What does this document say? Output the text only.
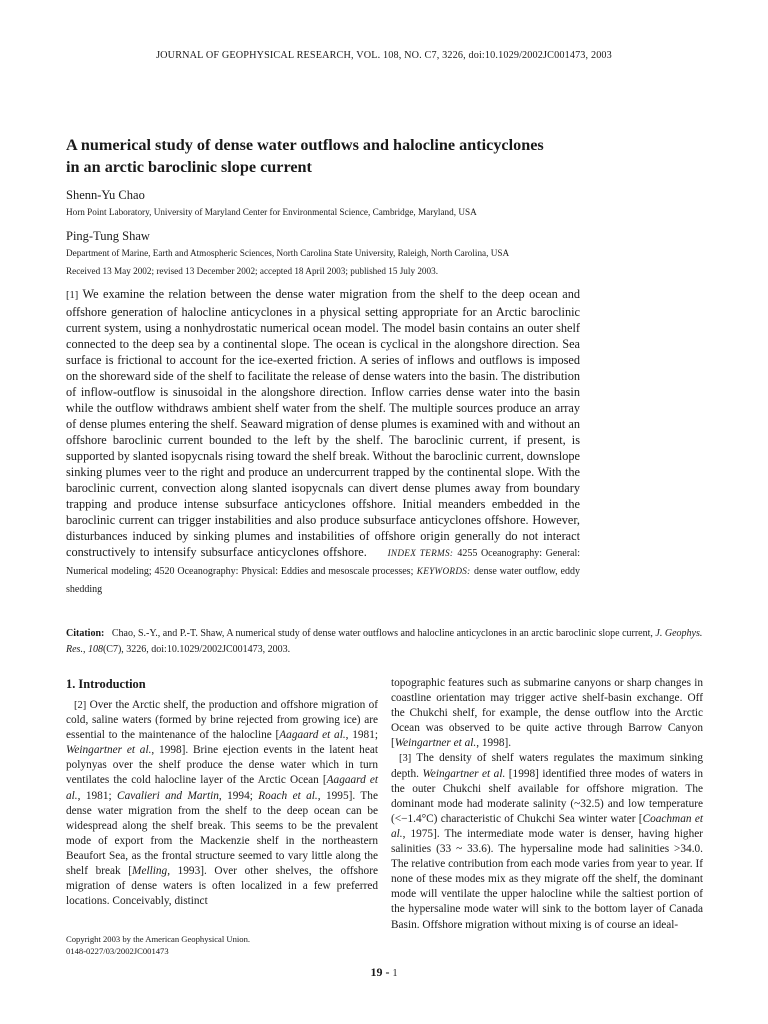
JOURNAL OF GEOPHYSICAL RESEARCH, VOL. 108, NO. C7, 3226, doi:10.1029/2002JC001473, 2003
A numerical study of dense water outflows and halocline anticyclones
in an arctic baroclinic slope current
Shenn-Yu Chao
Horn Point Laboratory, University of Maryland Center for Environmental Science, Cambridge, Maryland, USA
Ping-Tung Shaw
Department of Marine, Earth and Atmospheric Sciences, North Carolina State University, Raleigh, North Carolina, USA
Received 13 May 2002; revised 13 December 2002; accepted 18 April 2003; published 15 July 2003.

[1] We examine the relation between the dense water migration from the shelf to the deep ocean and offshore generation of halocline anticyclones in a physical setting appropriate for an Arctic baroclinic current system, using a nonhydrostatic numerical ocean model. The model basin contains an outer shelf connected to the deep sea by a continental slope. The ocean is cyclical in the alongshore direction. Sea surface is frictional to account for the ice-exerted friction. A series of inflows and outflows is imposed on the shoreward side of the shelf to facilitate the release of dense waters into the basin. The distribution of inflow-outflow is sinusoidal in the alongshore direction. Inflow carries dense water into the basin while the outflow withdraws ambient shelf water from the shelf. The multiple sources produce an array of dense plumes entering the shelf. Seaward migration of dense plumes is examined with and without an offshore baroclinic current bounded to the left by the shelf. The baroclinic current, if present, is supported by slanted isopycnals rising toward the shelf break. Without the baroclinic current, downslope sinking plumes veer to the right and produce an undercurrent trapped by the continental slope. With the baroclinic current, convection along slanted isopycnals can divert dense plumes away from boundary trapping and produce intense subsurface anticyclones offshore. Initial meanders embedded in the baroclinic current can trigger instabilities and also produce subsurface anticyclones offshore. However, disturbances induced by sinking plumes and instabilities of offshore origin generally do not interact constructively to intensify subsurface anticyclones offshore. INDEX TERMS: 4255 Oceanography: General: Numerical modeling; 4520 Oceanography: Physical: Eddies and mesoscale processes; KEYWORDS: dense water outflow, eddy shedding

Citation: Chao, S.-Y., and P.-T. Shaw, A numerical study of dense water outflows and halocline anticyclones in an arctic baroclinic slope current, J. Geophys. Res., 108(C7), 3226, doi:10.1029/2002JC001473, 2003.

1. Introduction

[2] Over the Arctic shelf, the production and offshore migration of cold, saline waters (formed by brine rejected from growing ice) are essential to the maintenance of the halocline [Aagaard et al., 1981; Weingartner et al., 1998]. Brine ejection events in the latent heat polynyas over the shelf produce the dense water which in turn ventilates the cold halocline layer of the Arctic Ocean [Aagaard et al., 1981; Cavalieri and Martin, 1994; Roach et al., 1995]. The dense water migration from the shelf to the deep ocean can be widespread along the shelf break. This seems to be the prevalent mode of export from the Mackenzie shelf in the northeastern Beaufort Sea, as the frontal structure seemed to vary little along the shelf break [Melling, 1993]. Over other shelves, the offshore migration of dense waters is often localized in a few preferred locations. Conceivably, distinct

topographic features such as submarine canyons or sharp changes in coastline orientation may trigger active shelf-basin exchange. Off the Chukchi shelf, for example, the dense outflow into the Arctic Ocean was observed to be quite active through Barrow Canyon [Weingartner et al., 1998].

[3] The density of shelf waters regulates the maximum sinking depth. Weingartner et al. [1998] identified three modes of waters in the outer Chukchi shelf available for offshore migration. The dominant mode had moderate salinity (~32.5) and low temperature (<−1.4°C) characteristic of Chukchi Sea winter water [Coachman et al., 1975]. The intermediate mode water is denser, having higher salinities (33 ~ 33.6). The hypersaline mode had salinities >34.0. The relative contribution from each mode varies from year to year. If none of these modes mix as they migrate off the shelf, the dominant mode will ventilate the upper halocline while the saltiest portion of the hypersaline mode water will sink to the bottom layer of Canada Basin. Offshore migration without mixing is of course an ideal-

Copyright 2003 by the American Geophysical Union.
0148-0227/03/2002JC001473
19 - 1
